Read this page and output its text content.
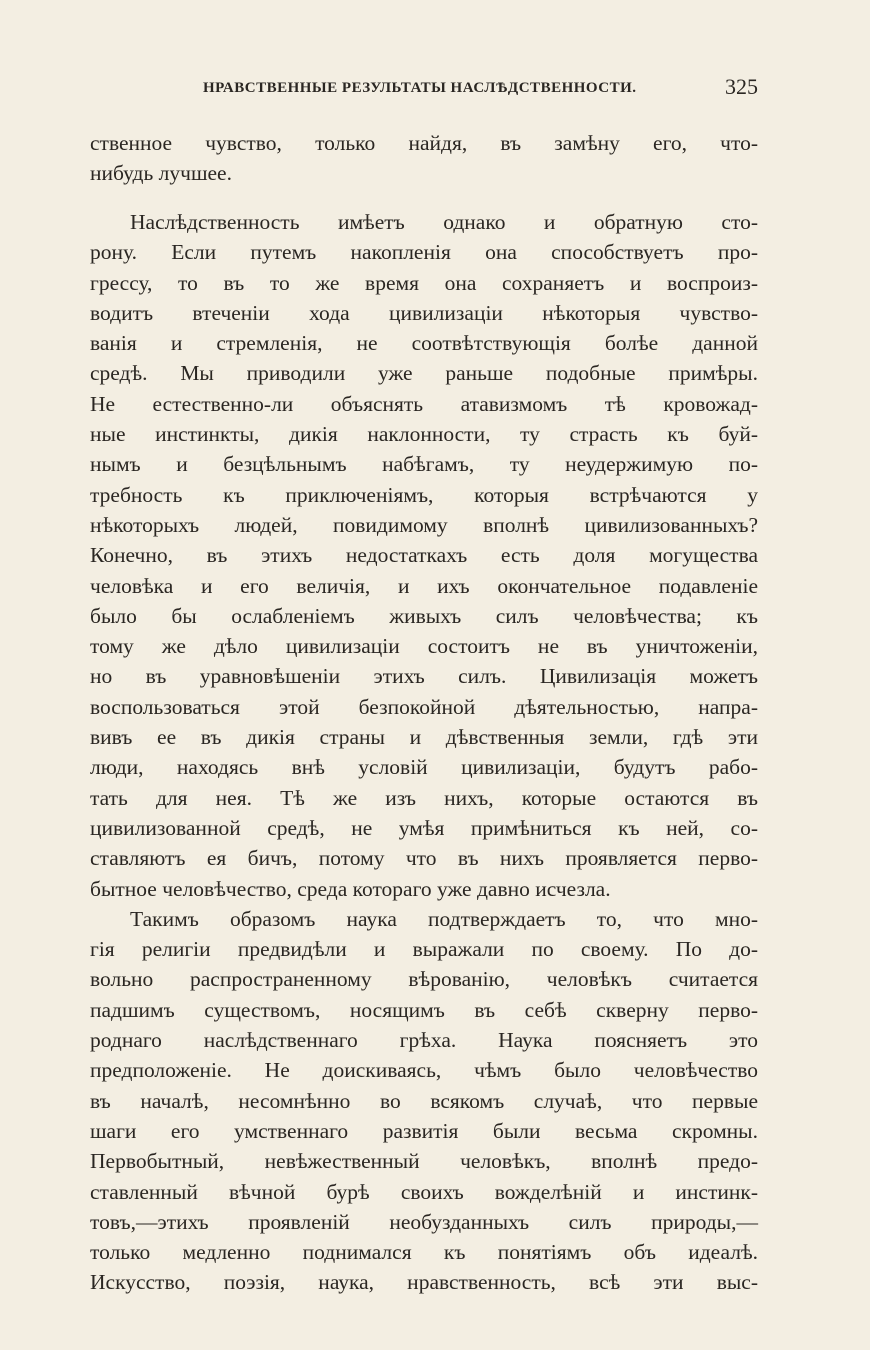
НРАВСТВЕННЫЕ РЕЗУЛЬТАТЫ НАСЛѢДСТВЕННОСТИ.	325
ственное чувство, только найдя, въ замѣну его, что-
нибудь лучшее.
Наслѣдственность имѣетъ однако и обратную сто-
рону. Если путемъ накопленія она способствуетъ про-
грессу, то въ то же время она сохраняетъ и воспроиз-
водитъ втеченіи хода цивилизаціи нѣкоторыя чувство-
ванія и стремленія, не соотвѣтствующія болѣе данной
средѣ. Мы приводили уже раньше подобные примѣры.
Не естественно-ли объяснять атавизмомъ тѣ кровожад-
ные инстинкты, дикія наклонности, ту страсть къ буй-
нымъ и безцѣльнымъ набѣгамъ, ту неудержимую по-
требность къ приключеніямъ, которыя встрѣчаются у
нѣкоторыхъ людей, повидимому вполнѣ цивилизованныхъ?
Конечно, въ этихъ недостаткахъ есть доля могущества
человѣка и его величія, и ихъ окончательное подавленіе
было бы ослабленіемъ живыхъ силъ человѣчества; къ
тому же дѣло цивилизаціи состоитъ не въ уничтоженіи,
но въ уравновѣшеніи этихъ силъ. Цивилизація можетъ
воспользоваться этой безпокойной дѣятельностью, напра-
вивъ ее въ дикія страны и дѣвственныя земли, гдѣ эти
люди, находясь внѣ условій цивилизаціи, будутъ рабо-
тать для нея. Тѣ же изъ нихъ, которые остаются въ
цивилизованной средѣ, не умѣя примѣниться къ ней, со-
ставляютъ ея бичъ, потому что въ нихъ проявляется перво-
бытное человѣчество, среда котораго уже давно исчезла.
Такимъ образомъ наука подтверждаетъ то, что мно-
гія религіи предвидѣли и выражали по своему. По до-
вольно распространенному вѣрованію, человѣкъ считается
падшимъ существомъ, носящимъ въ себѣ скверну перво-
роднаго наслѣдственнаго грѣха. Наука поясняетъ это
предположеніе. Не доискиваясь, чѣмъ было человѣчество
въ началѣ, несомнѣнно во всякомъ случаѣ, что первые
шаги его умственнаго развитія были весьма скромны.
Первобытный, невѣжественный человѣкъ, вполнѣ предо-
ставленный вѣчной бурѣ своихъ вожделѣній и инстинк-
товъ,—этихъ проявленій необузданныхъ силъ природы,—
только медленно поднимался къ понятіямъ объ идеалѣ.
Искусство, поэзія, наука, нравственность, всѣ эти выс-
